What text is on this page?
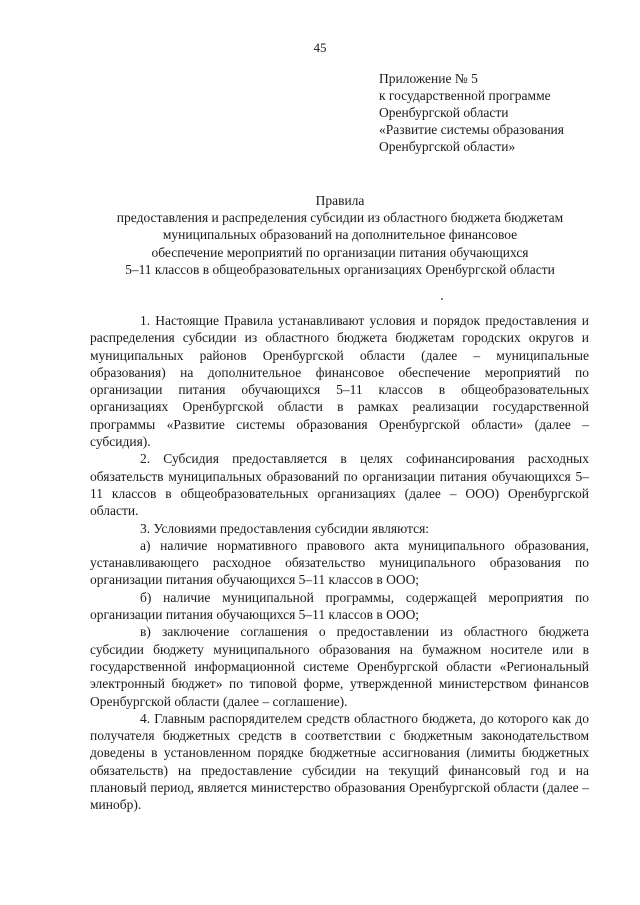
45
Приложение № 5
к государственной программе
Оренбургской области
«Развитие системы образования
Оренбургской области»
Правила
предоставления и распределения субсидии из областного бюджета бюджетам
муниципальных образований на дополнительное финансовое
обеспечение мероприятий по организации питания обучающихся
5–11 классов в общеобразовательных организациях Оренбургской области

1. Настоящие Правила устанавливают условия и порядок предоставления и распределения субсидии из областного бюджета бюджетам городских округов и муниципальных районов Оренбургской области (далее – муниципальные образования) на дополнительное финансовое обеспечение мероприятий по организации питания обучающихся 5–11 классов в общеобразовательных организациях Оренбургской области в рамках реализации государственной программы «Развитие системы образования Оренбургской области» (далее – субсидия).

2. Субсидия предоставляется в целях софинансирования расходных обязательств муниципальных образований по организации питания обучающихся 5–11 классов в общеобразовательных организациях (далее – ООО) Оренбургской области.

3. Условиями предоставления субсидии являются:

а) наличие нормативного правового акта муниципального образования, устанавливающего расходное обязательство муниципального образования по организации питания обучающихся 5–11 классов в ООО;

б) наличие муниципальной программы, содержащей мероприятия по организации питания обучающихся 5–11 классов в ООО;

в) заключение соглашения о предоставлении из областного бюджета субсидии бюджету муниципального образования на бумажном носителе или в государственной информационной системе Оренбургской области «Региональный электронный бюджет» по типовой форме, утвержденной министерством финансов Оренбургской области (далее – соглашение).

4. Главным распорядителем средств областного бюджета, до которого как до получателя бюджетных средств в соответствии с бюджетным законодательством доведены в установленном порядке бюджетные ассигнования (лимиты бюджетных обязательств) на предоставление субсидии на текущий финансовый год и на плановый период, является министерство образования Оренбургской области (далее – минобр).
